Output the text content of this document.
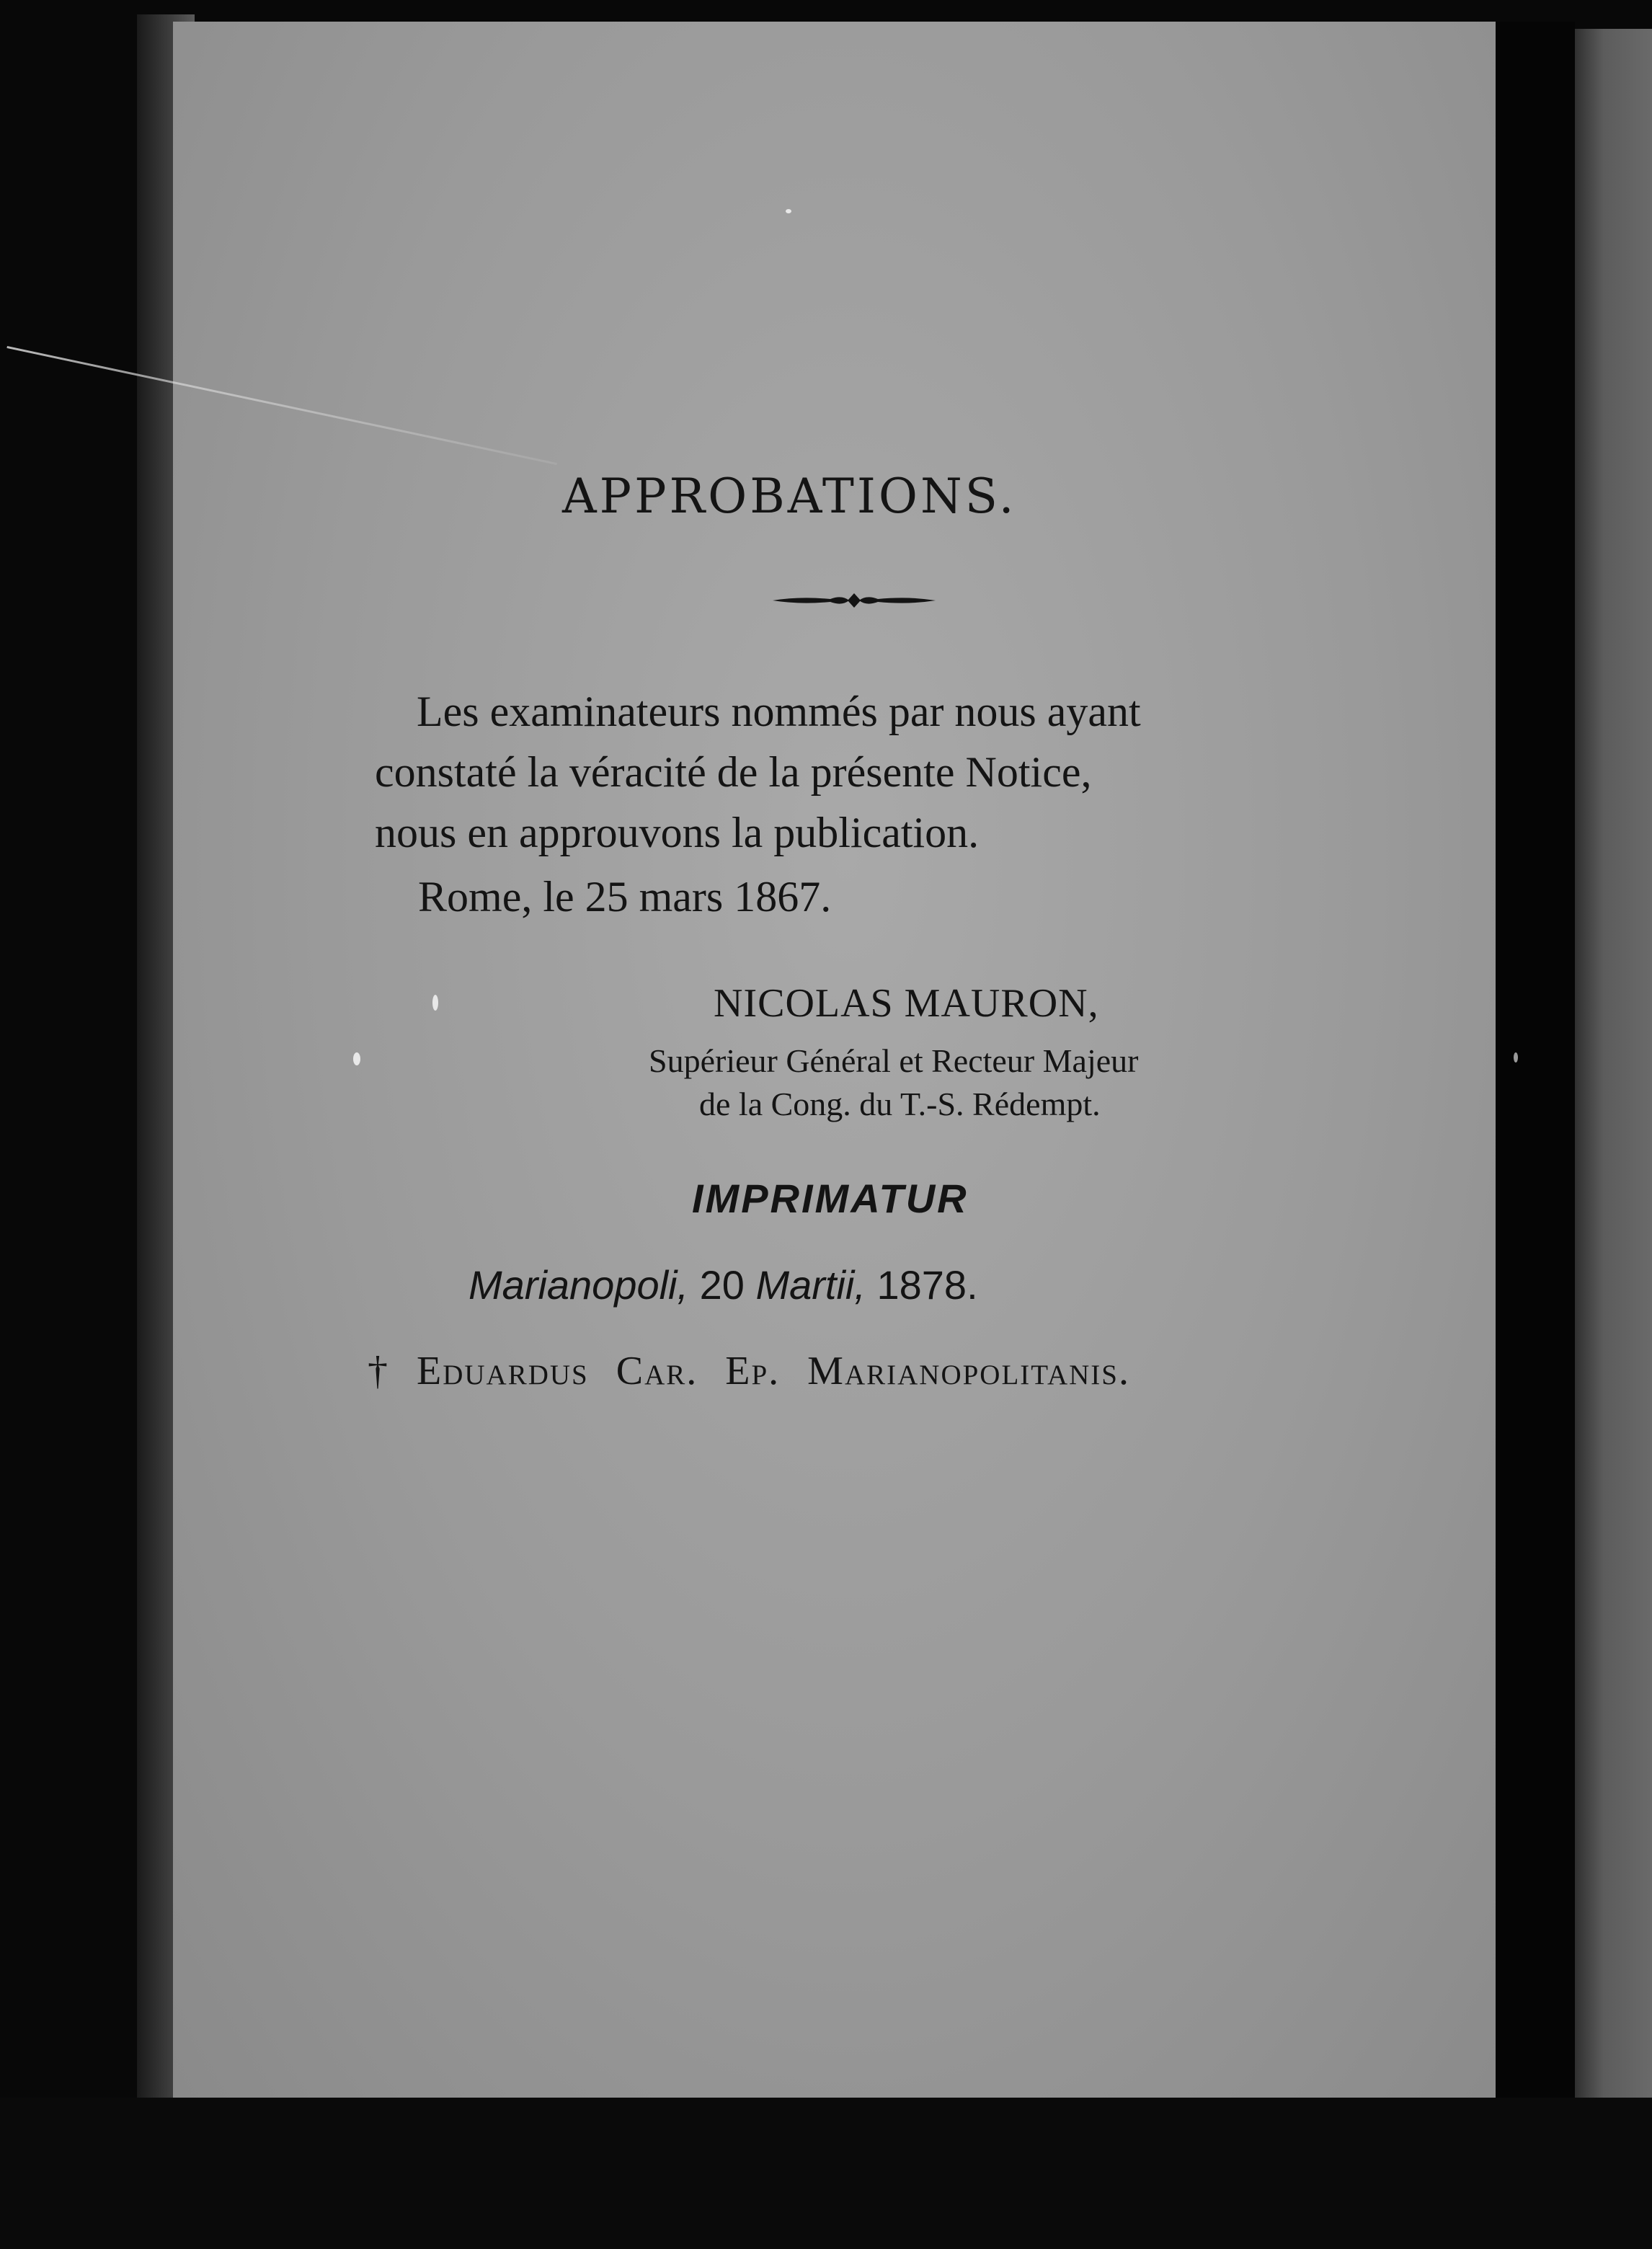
APPROBATIONS.
Les examinateurs nommés par nous ayant
constaté la véracité de la présente Notice,
nous en approuvons la publication.
Rome, le 25 mars 1867.
NICOLAS MAURON,
Supérieur Général et Recteur Majeur
de la Cong. du T.-S. Rédempt.
IMPRIMATUR
Marianopoli, 20 Martii, 1878.
† Eduardus Car. Ep. Marianopolitanis.
